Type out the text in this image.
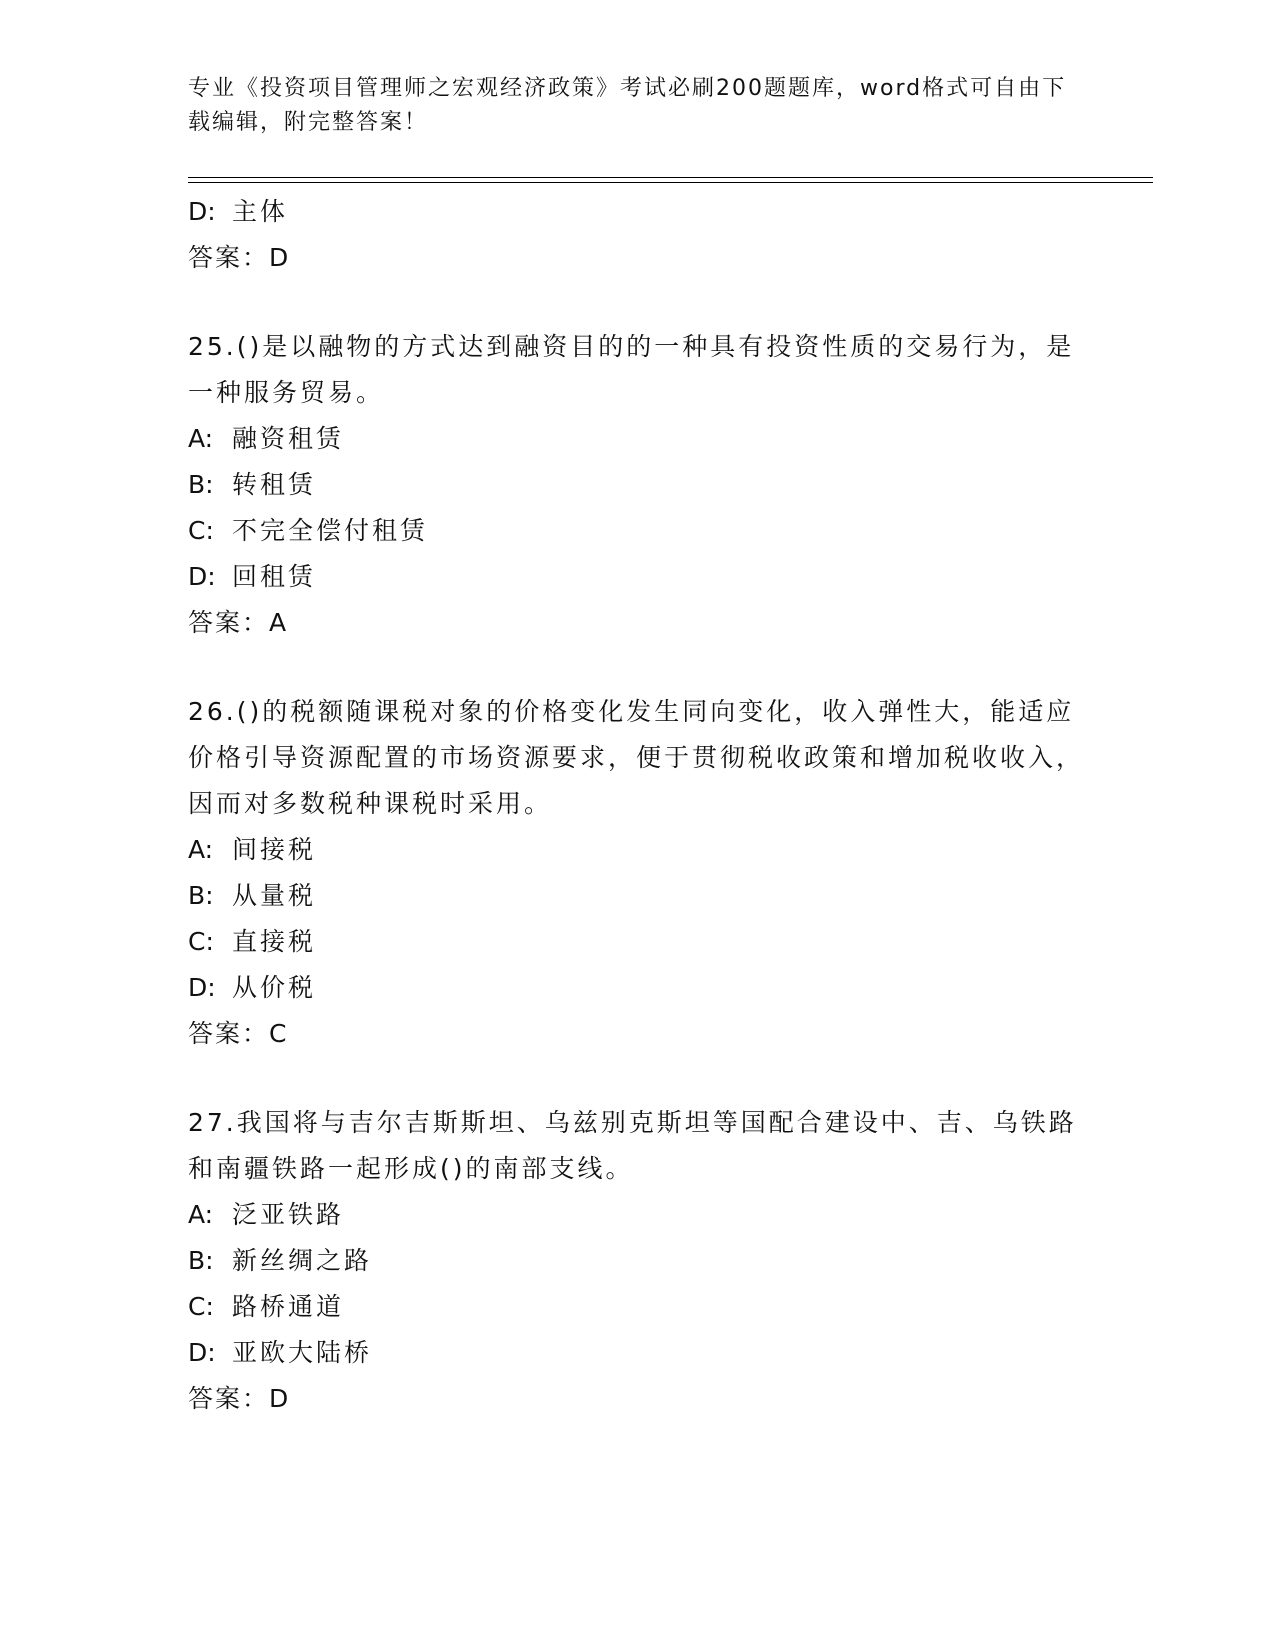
专业《投资项目管理师之宏观经济政策》考试必刷200题题库，word格式可自由下载编辑，附完整答案！
D: 主体
答案：D
25.()是以融物的方式达到融资目的的一种具有投资性质的交易行为，是一种服务贸易。
A: 融资租赁
B: 转租赁
C: 不完全偿付租赁
D: 回租赁
答案：A
26.()的税额随课税对象的价格变化发生同向变化，收入弹性大，能适应价格引导资源配置的市场资源要求，便于贯彻税收政策和增加税收收入，因而对多数税种课税时采用。
A: 间接税
B: 从量税
C: 直接税
D: 从价税
答案：C
27.我国将与吉尔吉斯斯坦、乌兹别克斯坦等国配合建设中、吉、乌铁路和南疆铁路一起形成()的南部支线。
A: 泛亚铁路
B: 新丝绸之路
C: 路桥通道
D: 亚欧大陆桥
答案：D
